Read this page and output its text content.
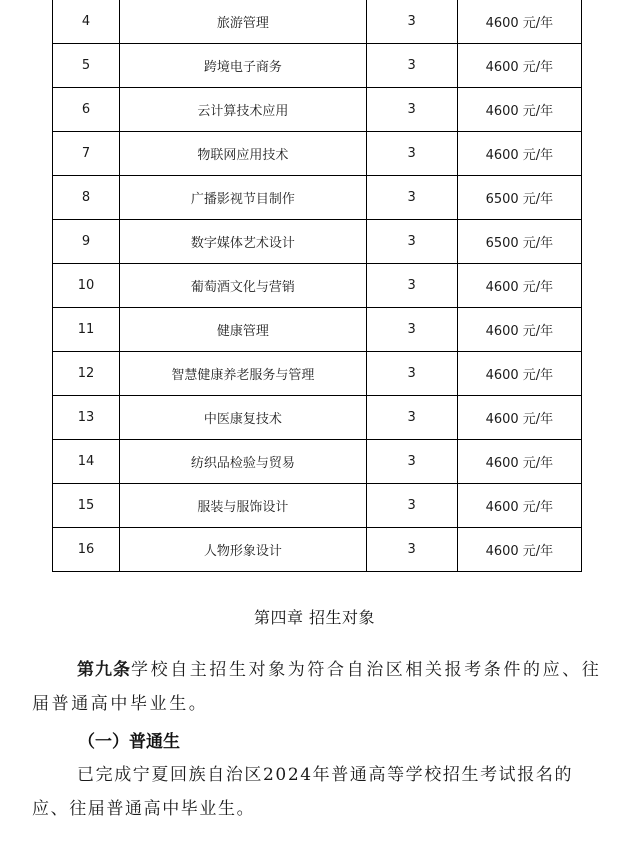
4	旅游管理	3	4600 元/年
5	跨境电子商务	3	4600 元/年
6	云计算技术应用	3	4600 元/年
7	物联网应用技术	3	4600 元/年
8	广播影视节目制作	3	6500 元/年
9	数字媒体艺术设计	3	6500 元/年
10	葡萄酒文化与营销	3	4600 元/年
11	健康管理	3	4600 元/年
12	智慧健康养老服务与管理	3	4600 元/年
13	中医康复技术	3	4600 元/年
14	纺织品检验与贸易	3	4600 元/年
15	服装与服饰设计	3	4600 元/年
16	人物形象设计	3	4600 元/年
第四章 招生对象

第九条学校自主招生对象为符合自治区相关报考条件的应、往届普通高中毕业生。

（一）普通生

已完成宁夏回族自治区2024年普通高等学校招生考试报名的应、往届普通高中毕业生。
